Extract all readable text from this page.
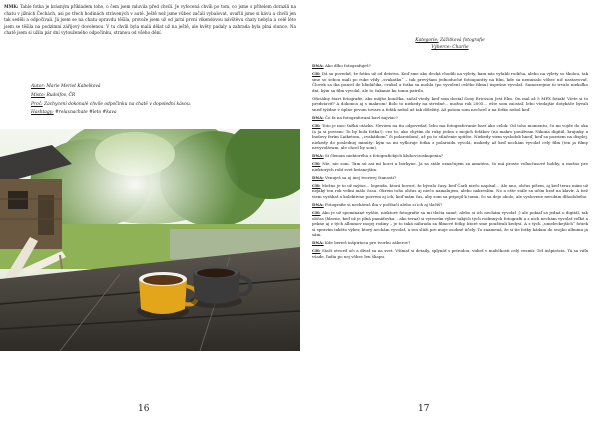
MMK: Tahle fotka je krásným příkladem toho, o čem jsem mluvila před chvílí. Je vyfocená chvíli po tom, co jsme s přítelem dorazili na chatu v jižních Čechách, asi po třech hodinách strávených v autě. Ještě než jsme vůbec začali vybalovat, uvařili jsme si kávu a chvíli jen tak seděli a odpočívali. Já jsem se na chatu opravdu těšila, protože jsem už od jarní první víkendovou návštěvu chaty nebyla a celé léto jsem se těšila na podzimní zářijový dovolenou. V tu chvíli byla malá dělat už na ještě, ale květy padaly a zahrada byla plná slunce. Na chatě jsem si užila pár dní vytouženého odpočinku, stranou od všeho dění.
Autor: Marie Meriot Kabelková
Místo: Rudolfov, ČR
Proč: Zachycení dokonalé chvíle odpočinku na chatě v dopolední kávou.
Hashtagy: #relaxnachate #leto #kava
16
Kategorie: Zážitková fotografie
Výherce: Charlie

DNA: Ako dlho fotografuješ?

CH: Dá sa povedať, že fotím už od detstva. Keď sme ako decká chodili na výlety, kam nás vyťahli rodičia, alebo na výlety so školou, tak sme so sebou mali po ruke vždy „svakatku“ – tak prevýšam jednoduché fotoaparáty na film, kde sa nemusalo vôbec nič nastavovať. Človek sa iba pozrel do hľadáčika, cvakol a fotka sa mohla (po vyvolení celého filmu) úspešne vyvolať. Samozrejme to trvalo niekoľko dní, kým sa film vyvolal, ale to čakanie ku tomu patrilo.

Oficiálny štart fotografie, ako môjho koníčka, začal vtedy, keď som dostal Sony Ericsson Jest Elm. On mal až 5 MPX fotiak! Viete si to predstaviť? A dokonca aj s makrom! Bolo to niekedy na stredné... možno rok 2005... ešte som zaostaľ, lebo vtedajšie dotykáče bývali sneď týždne v úplne prvom tovare a foťák nebol až tak dôležitý. Až potom som nechcel a na fotke nebol keď.

DNA: Čo fa na fotografovaní baví najviac?

CH: Toto je moc ťažká otázka. Neviem na ňu odpovedať, lebo ma fotografovanie baví ako celok: Od toho momentu, čo mi vojde do oka (a ja si poviem: To by bola fotka!), cez to, ako chytím do ruky jeden z mojich foťákov (na makro používam Nikona digitál, krajinky a budovy ferím Ľaiketom, „cvakátkom“ či polaroidom), až po to stlačenie spúšte. Niekedy viem vyslodok hneď, keď sa pozriem na displej, niekedy do poslednej minúty: kým sa mi vyfloruje fotka z polaroidu vyvolá, inokedy až keď nechám vyvolať celý film (ten ja filmy nevyvolávam, ale chcel by som).

DNA: Si členom niektorého z fotografických klubov/zoskupenia?

CH: Nie, nie som. Tam sú asi mi horci a borkyne. Ja sa stále označujem za amatéra, čo má proste voľnočasové hobby, a možno pre niektorých robí svet krásnejším.

DNA: Venuješ sa aj inej tvorivej činnosti?

CH: Možno je to už mýtus... legenda, ktorá hovorí, že bývalo časy, keď Čarli niečo napísal... Ale ano, občas píšem, aj keď teraz mám už nejaký ten rok veľmi málo času. Okrem toho občas aj niečo namalujem, alebo nakreslím. No a ešte stále sa učím hrať na klavír. A tiež viem vyrábať a kolektivne pozvem aj ich, keď mám čas, aby som sa pripojil k tomu, čo sa deje okolo, ale vyslovene nerobím dlhodobého.

DNA: Fotografie si nechávaš iba v počítači alebo si ich aj tlačíš?

CH: Ako je už spomínané vyššie, niektoré fotografie sa mi tlačia samé; alebo si ich nechám vyvolať ;) ale pokiaľ sa jedná o digitál, tak občas (hlavne, keď už je plná pamäťovka... ako teraz) si vytvorím výber takých tých rodinných fotografií a z nich nechám vyvolať veľké a pekne aj z tých albumov mojej rodiny – je to taká náhrada za filmové fotky, ktoré sme používali kedysi. A z tých „umeleckejších“ fotiek si spravím takéto výber, ktorý nechám vyvolať, a ten slúži pre moje osobné účely. To znamená, že si tie fotky hádam do svojho albumu ja sám.

DNA: Kde berieš inšpiráciu pre tvorbu záberov?

CH: Stačí otvoriť oči a dívať sa na svet. Všímať si detaily, splynúť s prírodou, vidieť v maličkosti celý vesmír. Toť inšpirácia. Tá sa váľa všade, ľudia po nej vôbec len šliapu.

17
